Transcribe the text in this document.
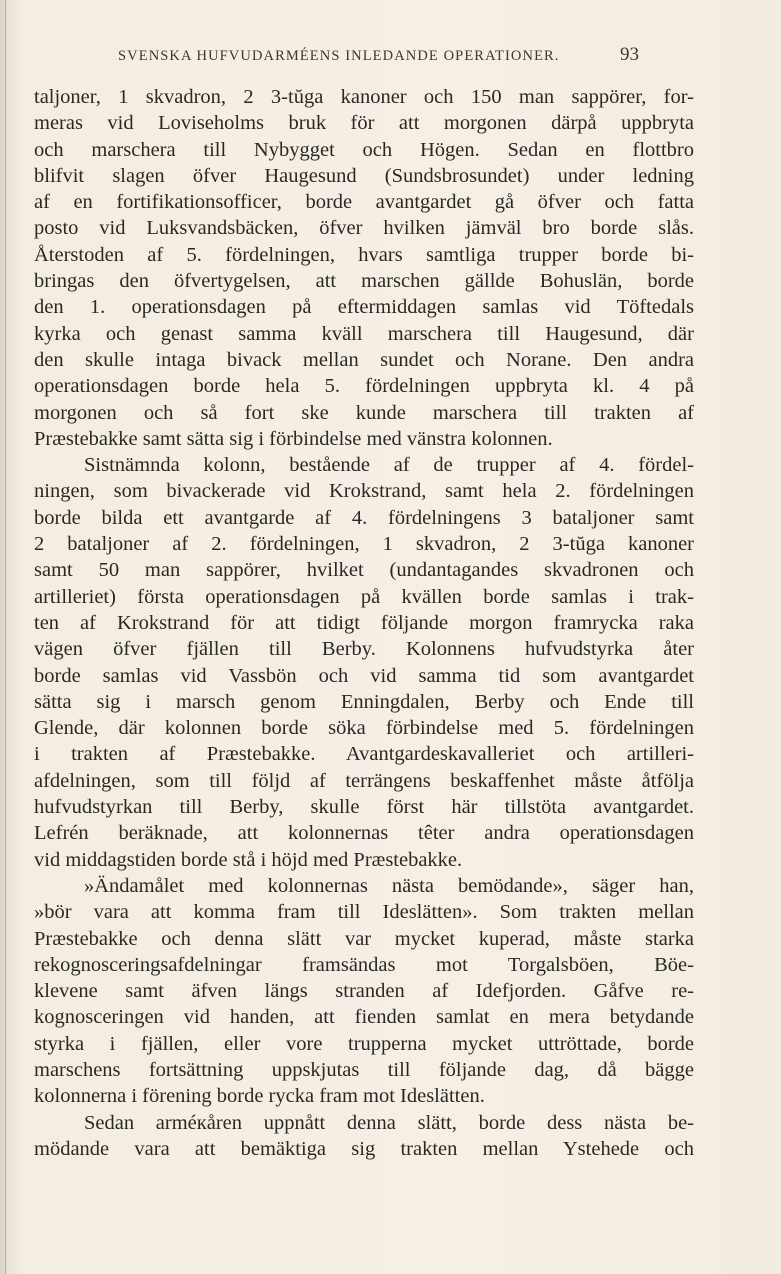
SVENSKA HUFVUDARMÉENS INLEDANDE OPERATIONER.	93
taljoner, 1 skvadron, 2 3-tŭga kanoner och 150 man sappörer, for-
meras vid Loviseholms bruk för att morgonen därpå uppbryta
och marschera till Nybygget och Högen. Sedan en flottbro
blifvit slagen öfver Haugesund (Sundsbrosundet) under ledning
af en fortifikationsofficer, borde avantgardet gå öfver och fatta
posto vid Luksvandsbäcken, öfver hvilken jämväl bro borde slås.
Återstoden af 5. fördelningen, hvars samtliga trupper borde bi-
bringas den öfvertygelsen, att marschen gällde Bohuslän, borde
den 1. operationsdagen på eftermiddagen samlas vid Töftedals
kyrka och genast samma kväll marschera till Haugesund, där
den skulle intaga bivack mellan sundet och Norane. Den andra
operationsdagen borde hela 5. fördelningen uppbryta kl. 4 på
morgonen och så fort ske kunde marschera till trakten af
Præstebakke samt sätta sig i förbindelse med vänstra kolonnen.
Sistnämnda kolonn, bestående af de trupper af 4. fördel-
ningen, som bivackerade vid Krokstrand, samt hela 2. fördelningen
borde bilda ett avantgarde af 4. fördelningens 3 bataljoner samt
2 bataljoner af 2. fördelningen, 1 skvadron, 2 3-tŭga kanoner
samt 50 man sappörer, hvilket (undantagandes skvadronen och
artilleriet) första operationsdagen på kvällen borde samlas i trak-
ten af Krokstrand för att tidigt följande morgon framrycka raka
vägen öfver fjällen till Berby. Kolonnens hufvudstyrka åter
borde samlas vid Vassbön och vid samma tid som avantgardet
sätta sig i marsch genom Enningdalen, Berby och Ende till
Glende, där kolonnen borde söka förbindelse med 5. fördelningen
i trakten af Præstebakke. Avantgardeskavalleriet och artilleri-
afdelningen, som till följd af terrängens beskaffenhet måste åtfölja
hufvudstyrkan till Berby, skulle först här tillstöta avantgardet.
Lefrén beräknade, att kolonnernas têter andra operationsdagen
vid middagstiden borde stå i höjd med Præstebakke.
»Ändamålet med kolonnernas nästa bemödande», säger han,
»bör vara att komma fram till Ideslätten». Som trakten mellan
Præstebakke och denna slätt var mycket kuperad, måste starka
rekognosceringsafdelningar framsändas mot Torgalsböen, Böe-
klevene samt äfven längs stranden af Idefjorden. Gåfve re-
kognosceringen vid handen, att fienden samlat en mera betydande
styrka i fjällen, eller vore trupperna mycket uttröttade, borde
marschens fortsättning uppskjutas till följande dag, då bägge
kolonnerna i förening borde rycka fram mot Ideslätten.
Sedan arméкåren uppnått denna slätt, borde dess nästa be-
mödande vara att bemäktiga sig trakten mellan Ystehede och
